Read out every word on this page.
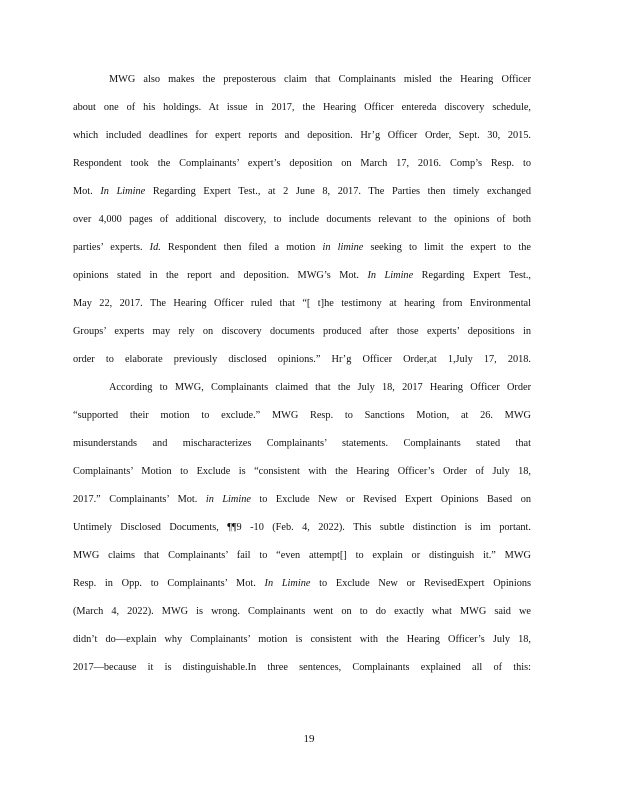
MWG also makes the preposterous claim that Complainants misled the Hearing Officer
about one of his holdings. At issue in 2017, the Hearing Officer entereda discovery schedule,
which included deadlines for expert reports and deposition. Hr’g Officer Order, Sept. 30, 2015.
Respondent took the Complainants’ expert’s deposition on March 17, 2016. Comp’s Resp. to
Mot. In Limine Regarding Expert Test., at 2 June 8, 2017. The Parties then timely exchanged
over 4,000 pages of additional discovery, to include documents relevant to the opinions of both
parties’ experts. Id. Respondent then filed a motion in limine seeking to limit the expert to the
opinions stated in the report and deposition. MWG’s Mot. In Limine Regarding Expert Test.,
May 22, 2017. The Hearing Officer ruled that “[ t]he testimony at hearing from Environmental
Groups’ experts may rely on discovery documents produced after those experts’ depositions in
order to elaborate previously disclosed opinions.” Hr’g Officer Order,at 1,July 17, 2018.
According to MWG, Complainants claimed that the July 18, 2017 Hearing Officer Order
“supported their motion to exclude.” MWG Resp. to Sanctions Motion, at 26. MWG
misunderstands and mischaracterizes Complainants’ statements. Complainants stated that
Complainants’ Motion to Exclude is “consistent with the Hearing Officer’s Order of July 18,
2017.” Complainants’ Mot. in Limine to Exclude New or Revised Expert Opinions Based on
Untimely Disclosed Documents, ¶¶9 -10 (Feb. 4, 2022). This subtle distinction is im portant.
MWG claims that Complainants’ fail to “even attempt[] to explain or distinguish it.” MWG
Resp. in Opp. to Complainants’ Mot. In Limine to Exclude New or RevisedExpert Opinions
(March 4, 2022). MWG is wrong. Complainants went on to do exactly what MWG said we
didn’t do—explain why Complainants’ motion is consistent with the Hearing Officer’s July 18,
2017—because it is distinguishable.In three sentences, Complainants explained all of this:
19
